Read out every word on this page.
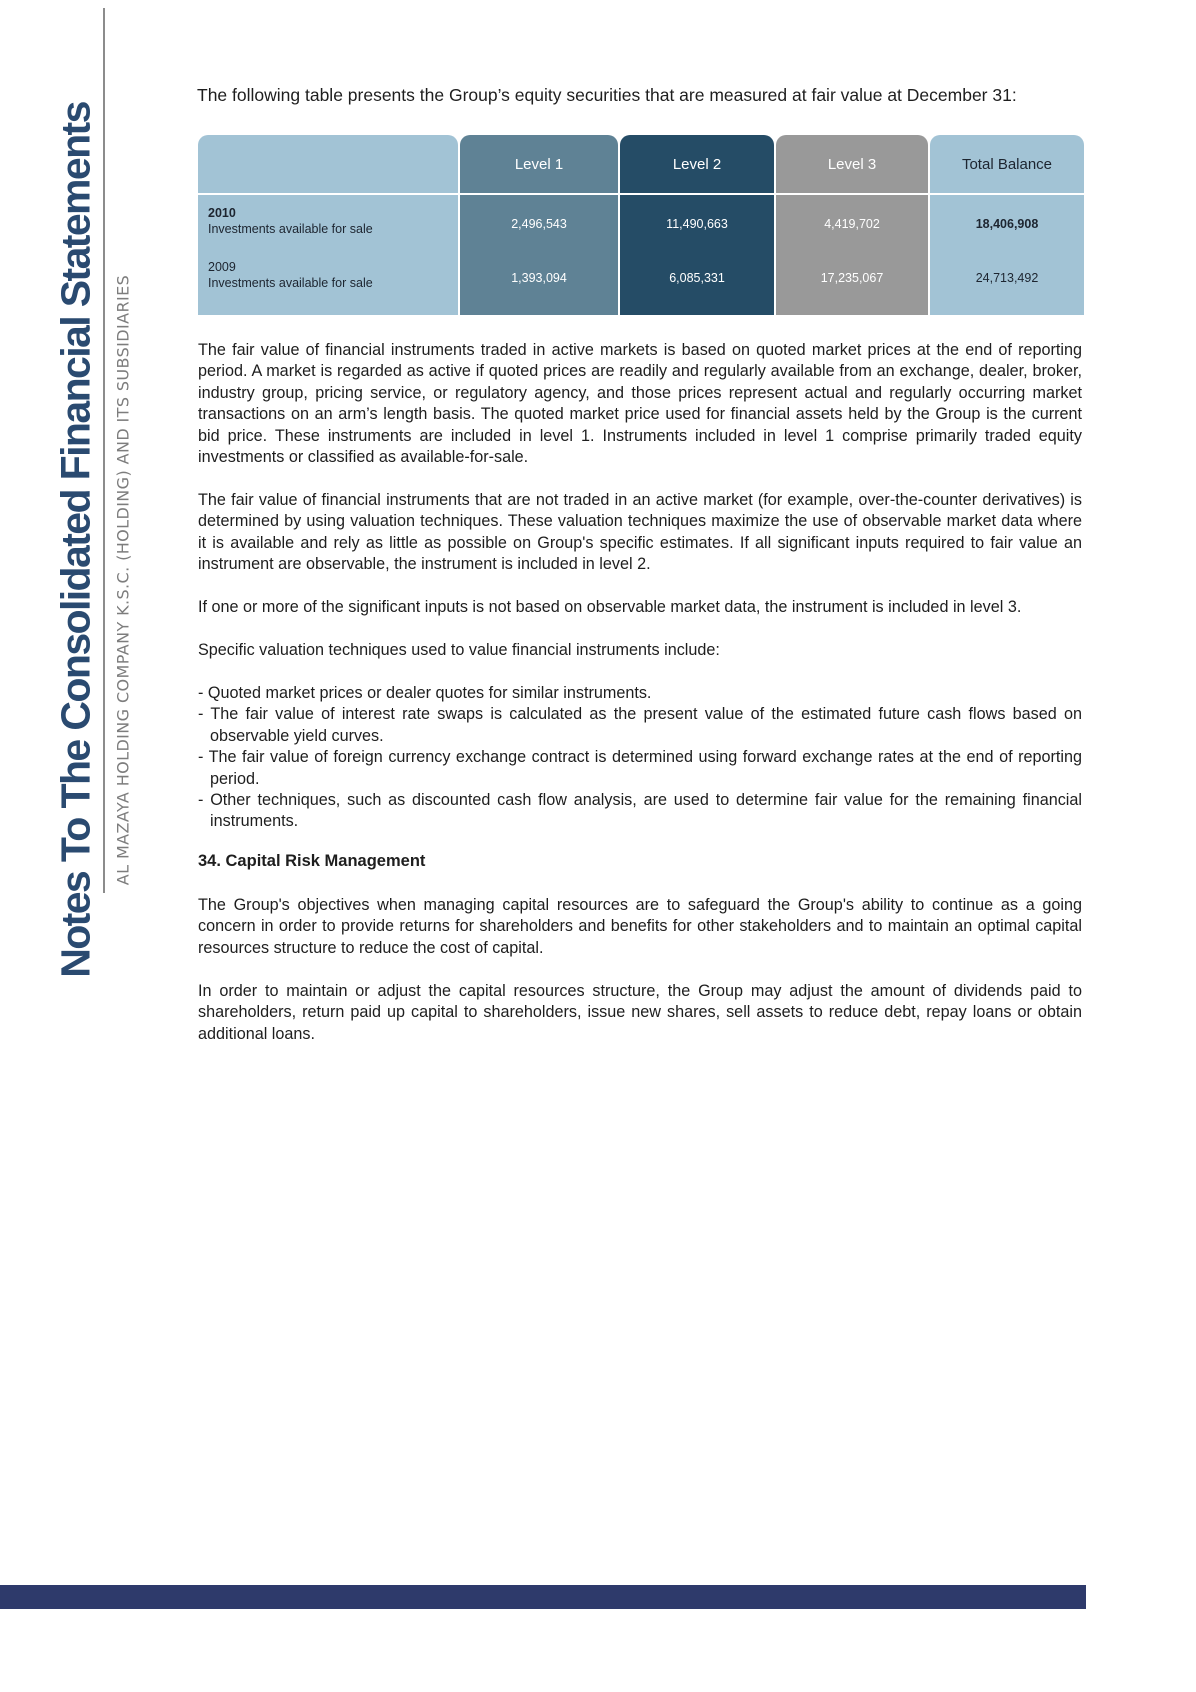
Notes To The Consolidated Financial Statements AL MAZAYA HOLDING COMPANY K.S.C. (HOLDING) AND ITS SUBSIDIARIES
The following table presents the Group’s equity securities that are measured at fair value at December 31:
2010
Investments available for sale
2009
Investments available for sale
Level 1
2,496,543
1,393,094
Level 2
11,490,663
6,085,331
Level 3
4,419,702
17,235,067
Total Balance
18,406,908
24,713,492
The fair value of financial instruments traded in active markets is based on quoted market prices at the end of reporting period. A market is regarded as active if quoted prices are readily and regularly available from an exchange, dealer, broker, industry group, pricing service, or regulatory agency, and those prices represent actual and regularly occurring market transactions on an arm’s length basis. The quoted market price used for financial assets held by the Group is the current bid price. These instruments are included in level 1. Instruments included in level 1 comprise primarily traded equity investments or classified as available-for-sale.
The fair value of financial instruments that are not traded in an active market (for example, over-the-counter derivatives) is determined by using valuation techniques. These valuation techniques maximize the use of observable market data where it is available and rely as little as possible on Group's specific estimates. If all significant inputs required to fair value an instrument are observable, the instrument is included in level 2.
If one or more of the significant inputs is not based on observable market data, the instrument is included in level 3.
Specific valuation techniques used to value financial instruments include:
- Quoted market prices or dealer quotes for similar instruments.
- The fair value of interest rate swaps is calculated as the present value of the estimated future cash flows based on observable yield curves.
- The fair value of foreign currency exchange contract is determined using forward exchange rates at the end of reporting period.
- Other techniques, such as discounted cash flow analysis, are used to determine fair value for the remaining financial instruments.
34. Capital Risk Management
The Group's objectives when managing capital resources are to safeguard the Group's ability to continue as a going concern in order to provide returns for shareholders and benefits for other stakeholders and to maintain an optimal capital resources structure to reduce the cost of capital.
In order to maintain or adjust the capital resources structure, the Group may adjust the amount of dividends paid to shareholders, return paid up capital to shareholders, issue new shares, sell assets to reduce debt, repay loans or obtain additional loans.
